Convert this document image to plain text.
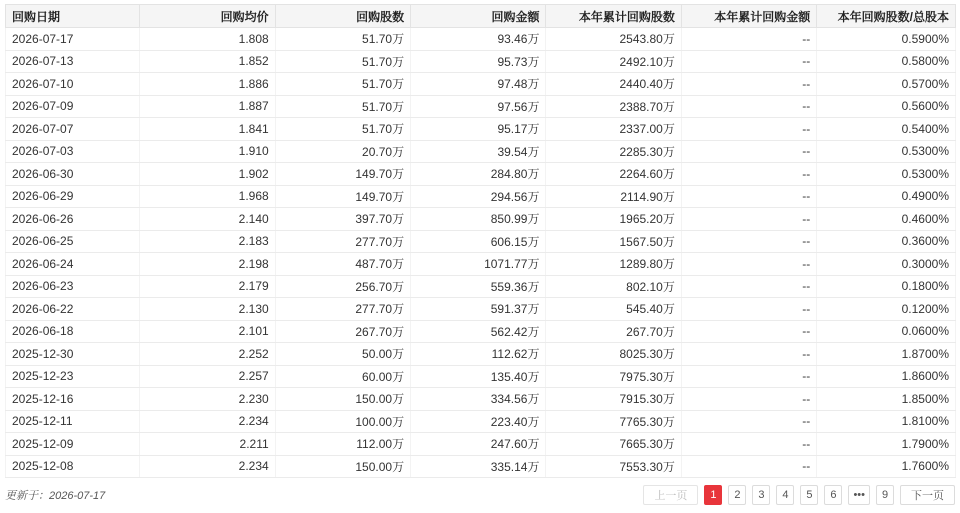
回购日期	回购均价	回购股数	回购金额	本年累计回购股数	本年累计回购金额	本年回购股数/总股本
2026-07-17	1.808	51.70万	93.46万	2543.80万	--	0.5900%
2026-07-13	1.852	51.70万	95.73万	2492.10万	--	0.5800%
2026-07-10	1.886	51.70万	97.48万	2440.40万	--	0.5700%
2026-07-09	1.887	51.70万	97.56万	2388.70万	--	0.5600%
2026-07-07	1.841	51.70万	95.17万	2337.00万	--	0.5400%
2026-07-03	1.910	20.70万	39.54万	2285.30万	--	0.5300%
2026-06-30	1.902	149.70万	284.80万	2264.60万	--	0.5300%
2026-06-29	1.968	149.70万	294.56万	2114.90万	--	0.4900%
2026-06-26	2.140	397.70万	850.99万	1965.20万	--	0.4600%
2026-06-25	2.183	277.70万	606.15万	1567.50万	--	0.3600%
2026-06-24	2.198	487.70万	1071.77万	1289.80万	--	0.3000%
2026-06-23	2.179	256.70万	559.36万	802.10万	--	0.1800%
2026-06-22	2.130	277.70万	591.37万	545.40万	--	0.1200%
2026-06-18	2.101	267.70万	562.42万	267.70万	--	0.0600%
2025-12-30	2.252	50.00万	112.62万	8025.30万	--	1.8700%
2025-12-23	2.257	60.00万	135.40万	7975.30万	--	1.8600%
2025-12-16	2.230	150.00万	334.56万	7915.30万	--	1.8500%
2025-12-11	2.234	100.00万	223.40万	7765.30万	--	1.8100%
2025-12-09	2.211	112.00万	247.60万	7665.30万	--	1.7900%
2025-12-08	2.234	150.00万	335.14万	7553.30万	--	1.7600%
更新于：2026-07-17	上一页	1	2	3	4	5	6	•••	9	下一页
